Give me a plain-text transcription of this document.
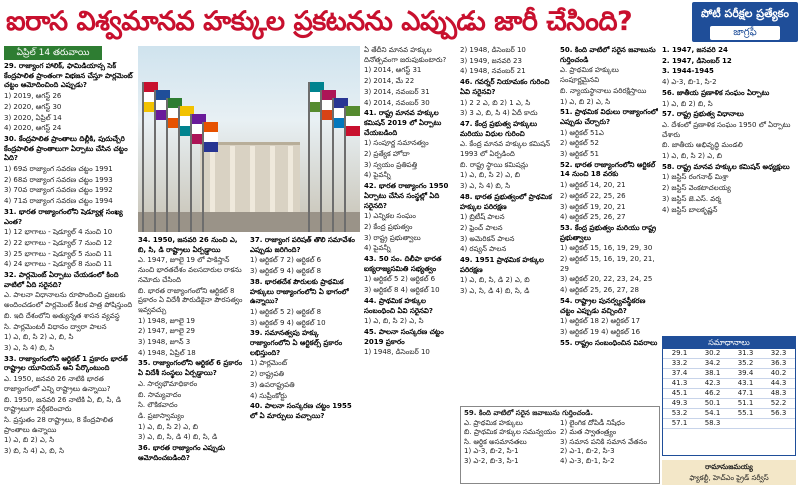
ఐరాస విశ్వమానవ హక్కుల ప్రకటనను ఎప్పుడు జారీ చేసింది?	పోటీ పరీక్షల ప్రత్యేకం
జాగ్రఫీ
ఏప్రిల్ 14 తరువాయి

29. రాజ్యాంగ హాలిక్, ఫామిడియాన్స సెక్ కేంద్రపాలిత ప్రాంతంగా విభజన చేస్తూ పార్లమెంట్ చట్టం ఆమోదించింది ఎప్పుడు?

1) 2019, ఆగస్ట్ 26

2) 2020, ఆగస్ట్ 30

3) 2020, ఏప్రిల్ 14

4) 2020, ఆగస్ట్ 24

30. కేంద్రపాలిత ప్రాంతాలు దిల్లీకి, పుదుచ్చేరి కేంద్రపాలిత ప్రాంతాలుగా ఏర్పాటు చేసిన చట్టం ఏది?

1) 69వ రాజ్యాంగ సవరణ చట్టం 1991

2) 68వ రాజ్యాంగ సవరణ చట్టం 1993

3) 70వ రాజ్యాంగ సవరణ చట్టం 1992

4) 71వ రాజ్యాంగ సవరణ చట్టం 1994

31. భారత రాజ్యాంగంలోని షెడ్యూళ్ల సంఖ్య ఎంత?

1) 12 భాగాలు - షెడ్యూల్ 4 నుంచి 10

2) 22 భాగాలు - షెడ్యూల్ 7 నుంచి 12

3) 25 భాగాలు - షెడ్యూల్ 5 నుంచి 11

4) 24 భాగాలు - షెడ్యూల్ 8 నుంచి 11

32. పార్లమెంట్ ఏర్పాటు చేయడంలో కింది వాటిలో ఏది సరైనది?

ఎ. పాలనా విధానాలను రూపొందించి ప్రజలకు అందించడంలో పార్లమెంట్ కీలక పాత్ర పోషిస్తుంది

బి. ఇది దేశంలోని అత్యున్నత శాసన వ్యవస్థ

సి. పార్లమెంటరీ విధానం ద్వారా పాలన

1) ఎ, బి, సి 2) ఎ, బి, సి

3) ఎ, సి 4) బి, సి

33. రాజ్యాంగంలోని ఆర్టికల్ 1 ప్రకారం భారత్ రాష్ట్రాల యూనియన్ అని పేర్కొంటుంది

ఎ. 1950, జనవరి 26 నాటికి భారత రాజ్యాంగంలో ఎన్ని రాష్ట్రాలు ఉన్నాయి?

బి. 1950, జనవరి 26 నాటికి ఏ, బి, సి, డి రాష్ట్రాలుగా వర్గీకరించారు

సి. ప్రస్తుతం 28 రాష్ట్రాలు, 8 కేంద్రపాలిత ప్రాంతాలు ఉన్నాయి

1) ఎ, బి 2) ఎ, సి

3) బి, సి 4) ఎ, బి, సి

34. 1950, జనవరి 26 నుంచి ఎ, బి, సి, డి రాష్ట్రాలు ఏర్పడ్డాయి

ఎ. 1947, జూలై 19 లో పాకిస్తాన్ నుంచి భారతదేశం వలసదారుల రాకను నమోదు చేసింది

బి. భారత రాజ్యాంగంలోని ఆర్టికల్ 8 ప్రకారం ఏ విదేశీ పౌరుడికైనా పౌరసత్వం ఇవ్వవచ్చు

1) 1948, జూలై 19

2) 1947, జూలై 29

3) 1948, జూన్ 3

4) 1948, ఏప్రిల్ 18

35. రాజ్యాంగంలోని ఆర్టికల్ 6 ప్రకారం ఏ విదేశీ సంస్థలు ఏర్పడ్డాయి?

ఎ. సార్వభౌమాధికారం

బి. సామ్యవాదం

సి. లౌకికవాదం

డి. ప్రజాస్వామ్యం

1) ఎ, బి, సి 2) ఎ, బి

3) ఎ, బి, సి, డి 4) బి, సి, డి

36. భారత రాజ్యాంగం ఎప్పుడు ఆమోదించబడింది?

37. రాజ్యాంగ పరిషత్ తొలి సమావేశం ఎప్పుడు జరిగింది?

1) ఆర్టికల్ 7 2) ఆర్టికల్ 6

3) ఆర్టికల్ 9 4) ఆర్టికల్ 8

38. భారతదేశ పౌరులకు ప్రాథమిక హక్కులు రాజ్యాంగంలోని ఏ భాగంలో ఉన్నాయి?

1) ఆర్టికల్ 5 2) ఆర్టికల్ 8

3) ఆర్టికల్ 9 4) ఆర్టికల్ 10

39. సమానత్వపు హక్కు రాజ్యాంగంలోని ఏ ఆర్టికల్స్ ప్రకారం లభిస్తుంది?

1) పార్లమెంట్

2) రాష్ట్రపతి

3) ఉపరాష్ట్రపతి

4) సుప్రీంకోర్టు

40. పాలనా సంస్కరణ చట్టం 1955 లో ఏ మార్పులు వచ్చాయి?

ఏ తేదీని మానవ హక్కుల దినోత్సవంగా జరుపుకుంటారు?

1) 2014, ఆగస్ట్ 31

2) 2014, మే 22

3) 2014, నవంబర్ 31

4) 2014, నవంబర్ 30

41. రాష్ట్ర మానవ హక్కుల కమిషన్ 2019 లో ఏర్పాటు చేయబడింది

1) సంపూర్ణ సమానత్వం

2) ప్రత్యేక హోదా

3) స్వయం ప్రతిపత్తి

4) పైవన్నీ

42. భారత రాజ్యాంగం 1950 ఏర్పాటు చేసిన సంస్థల్లో ఏది సరైనది?

1) ఎన్నికల సంఘం

2) కేంద్ర ప్రభుత్వం

3) రాష్ట్ర ప్రభుత్వాలు

4) పైవన్నీ

43. 50 సం. దిలీపా భారత ఐక్యరాజ్యసమితి సభ్యత్వం

1) ఆర్టికల్ 5 2) ఆర్టికల్ 6

3) ఆర్టికల్ 8 4) ఆర్టికల్ 10

44. ప్రాథమిక హక్కుల సంబంధించి ఏవి సరైనవి?

1) ఎ, బి, సి 2) ఎ, సి

45. పాలనా సంస్కరణ చట్టం 2019 ప్రకారం

1) 1948, డిసెంబర్ 10

2) 1948, డిసెంబర్ 10

3) 1949, జనవరి 23

4) 1948, నవంబర్ 21

46. గవర్నర్ నియామకం గురించి ఏవి సరైనవి?

1) 2 2 ఎ, బి 2) 1 ఎ, సి

3) 3 ఎ, బి, సి 4) ఏదీ కాదు

47. కేంద్ర ప్రభుత్వ హక్కులు మరియు విధుల గురించి

ఎ. కేంద్ర మానవ హక్కుల కమిషన్ 1993 లో ఏర్పడింది

బి. రాష్ట్ర స్థాయి కమిషన్లు

1) ఎ, బి, సి 2) ఎ, బి

3) ఎ, సి 4) బి, సి

48. భారత ప్రభుత్వంలో ప్రాథమిక హక్కుల పరిరక్షణ

1) బ్రిటీష్ పాలన

2) ఫ్రెంచ్ పాలన

3) అమెరికన్ పాలన

4) రష్యన్ పాలన

49. 1951 ప్రాథమిక హక్కుల పరిరక్షణ

1) ఎ, బి, సి, డి 2) ఎ, బి

3) ఎ, సి, డి 4) బి, సి, డి

50. కింది వాటిలో సరైన జవాబును గుర్తించండి

ఎ. ప్రాథమిక హక్కులు సంపూర్ణమైనవి

బి. న్యాయస్థానాలు పరిరక్షిస్తాయి

1) ఎ, బి 2) ఎ, సి

51. ప్రాథమిక విధులు రాజ్యాంగంలో ఎప్పుడు చేర్చారు?

1) ఆర్టికల్ 51ఎ

2) ఆర్టికల్ 52

3) ఆర్టికల్ 51

52. భారత రాజ్యాంగంలోని ఆర్టికల్ 14 నుంచి 18 వరకు

1) ఆర్టికల్ 14, 20, 21

2) ఆర్టికల్ 22, 25, 26

3) ఆర్టికల్ 19, 20, 21

4) ఆర్టికల్ 25, 26, 27

53. కేంద్ర ప్రభుత్వం మరియు రాష్ట్ర ప్రభుత్వాలు

1) ఆర్టికల్ 15, 16, 19, 29, 30

2) ఆర్టికల్ 15, 16, 19, 20, 21, 29

3) ఆర్టికల్ 20, 22, 23, 24, 25

4) ఆర్టికల్ 25, 26, 27, 28

54. రాష్ట్రాల పునర్వ్యవస్థీకరణ చట్టం ఎప్పుడు వచ్చింది?

1) ఆర్టికల్ 18 2) ఆర్టికల్ 17

3) ఆర్టికల్ 19 4) ఆర్టికల్ 16

55. రాష్ట్రం సంబంధించిన వివరాలు

1. 1947, జనవరి 24

2. 1947, డిసెంబర్ 12

3. 1944-1945

4) ఎ-3, బి-1, సి-2

56. జాతీయ ప్రణాళిక సంఘం ఏర్పాటు

1) ఎ, బి 2) బి, సి

57. రాష్ట్ర ప్రభుత్వ విధానాలు

ఎ. దేశంలో ప్రణాళిక సంఘం 1950 లో ఏర్పాటు చేశారు

బి. జాతీయ అభివృద్ధి మండలి

1) ఎ, బి, సి 2) ఎ, బి

58. రాష్ట్ర మానవ హక్కుల కమిషన్ అధ్యక్షులు

1) జస్టిస్ రంగనాథ్ మిశ్రా

2) జస్టిస్ వెంకటాచలయ్య

3) జస్టిస్ జె.ఎస్. వర్మ

4) జస్టిస్ బాలకృష్ణన్

59. కింది వాటిలో సరైన జవాబును గుర్తించండి.
ఎ. ప్రాథమిక హక్కులు	1) లైంగిక దోపిడీ నిషేధం
బి. ప్రాథమిక హక్కుల సమన్వయం 2) మత స్వాతంత్ర్యం
సి. ఆర్థిక అసమానతలు	3) సమాన పనికి సమాన వేతనం
1) ఎ-3, బి-2, సి-1	2) ఎ-1, బి-2, సి-3
3) ఎ-2, బి-3, సి-1	4) ఎ-3, బి-1, సి-2
సమాధానాలు
29.1	30.2	31.3	32.3
33.2	34.2	35.2	36.3
37.4	38.1	39.4	40.2
41.3	42.3	43.1	44.3
45.1	46.2	47.1	48.3
49.3	50.1	51.1	52.2
53.2	54.1	55.1	56.3
57.1	58.3		
రామానుజమయ్య
ఫ్యాకల్టీ, హెచ్ఎం ప్రైడ్ సర్వీస్
